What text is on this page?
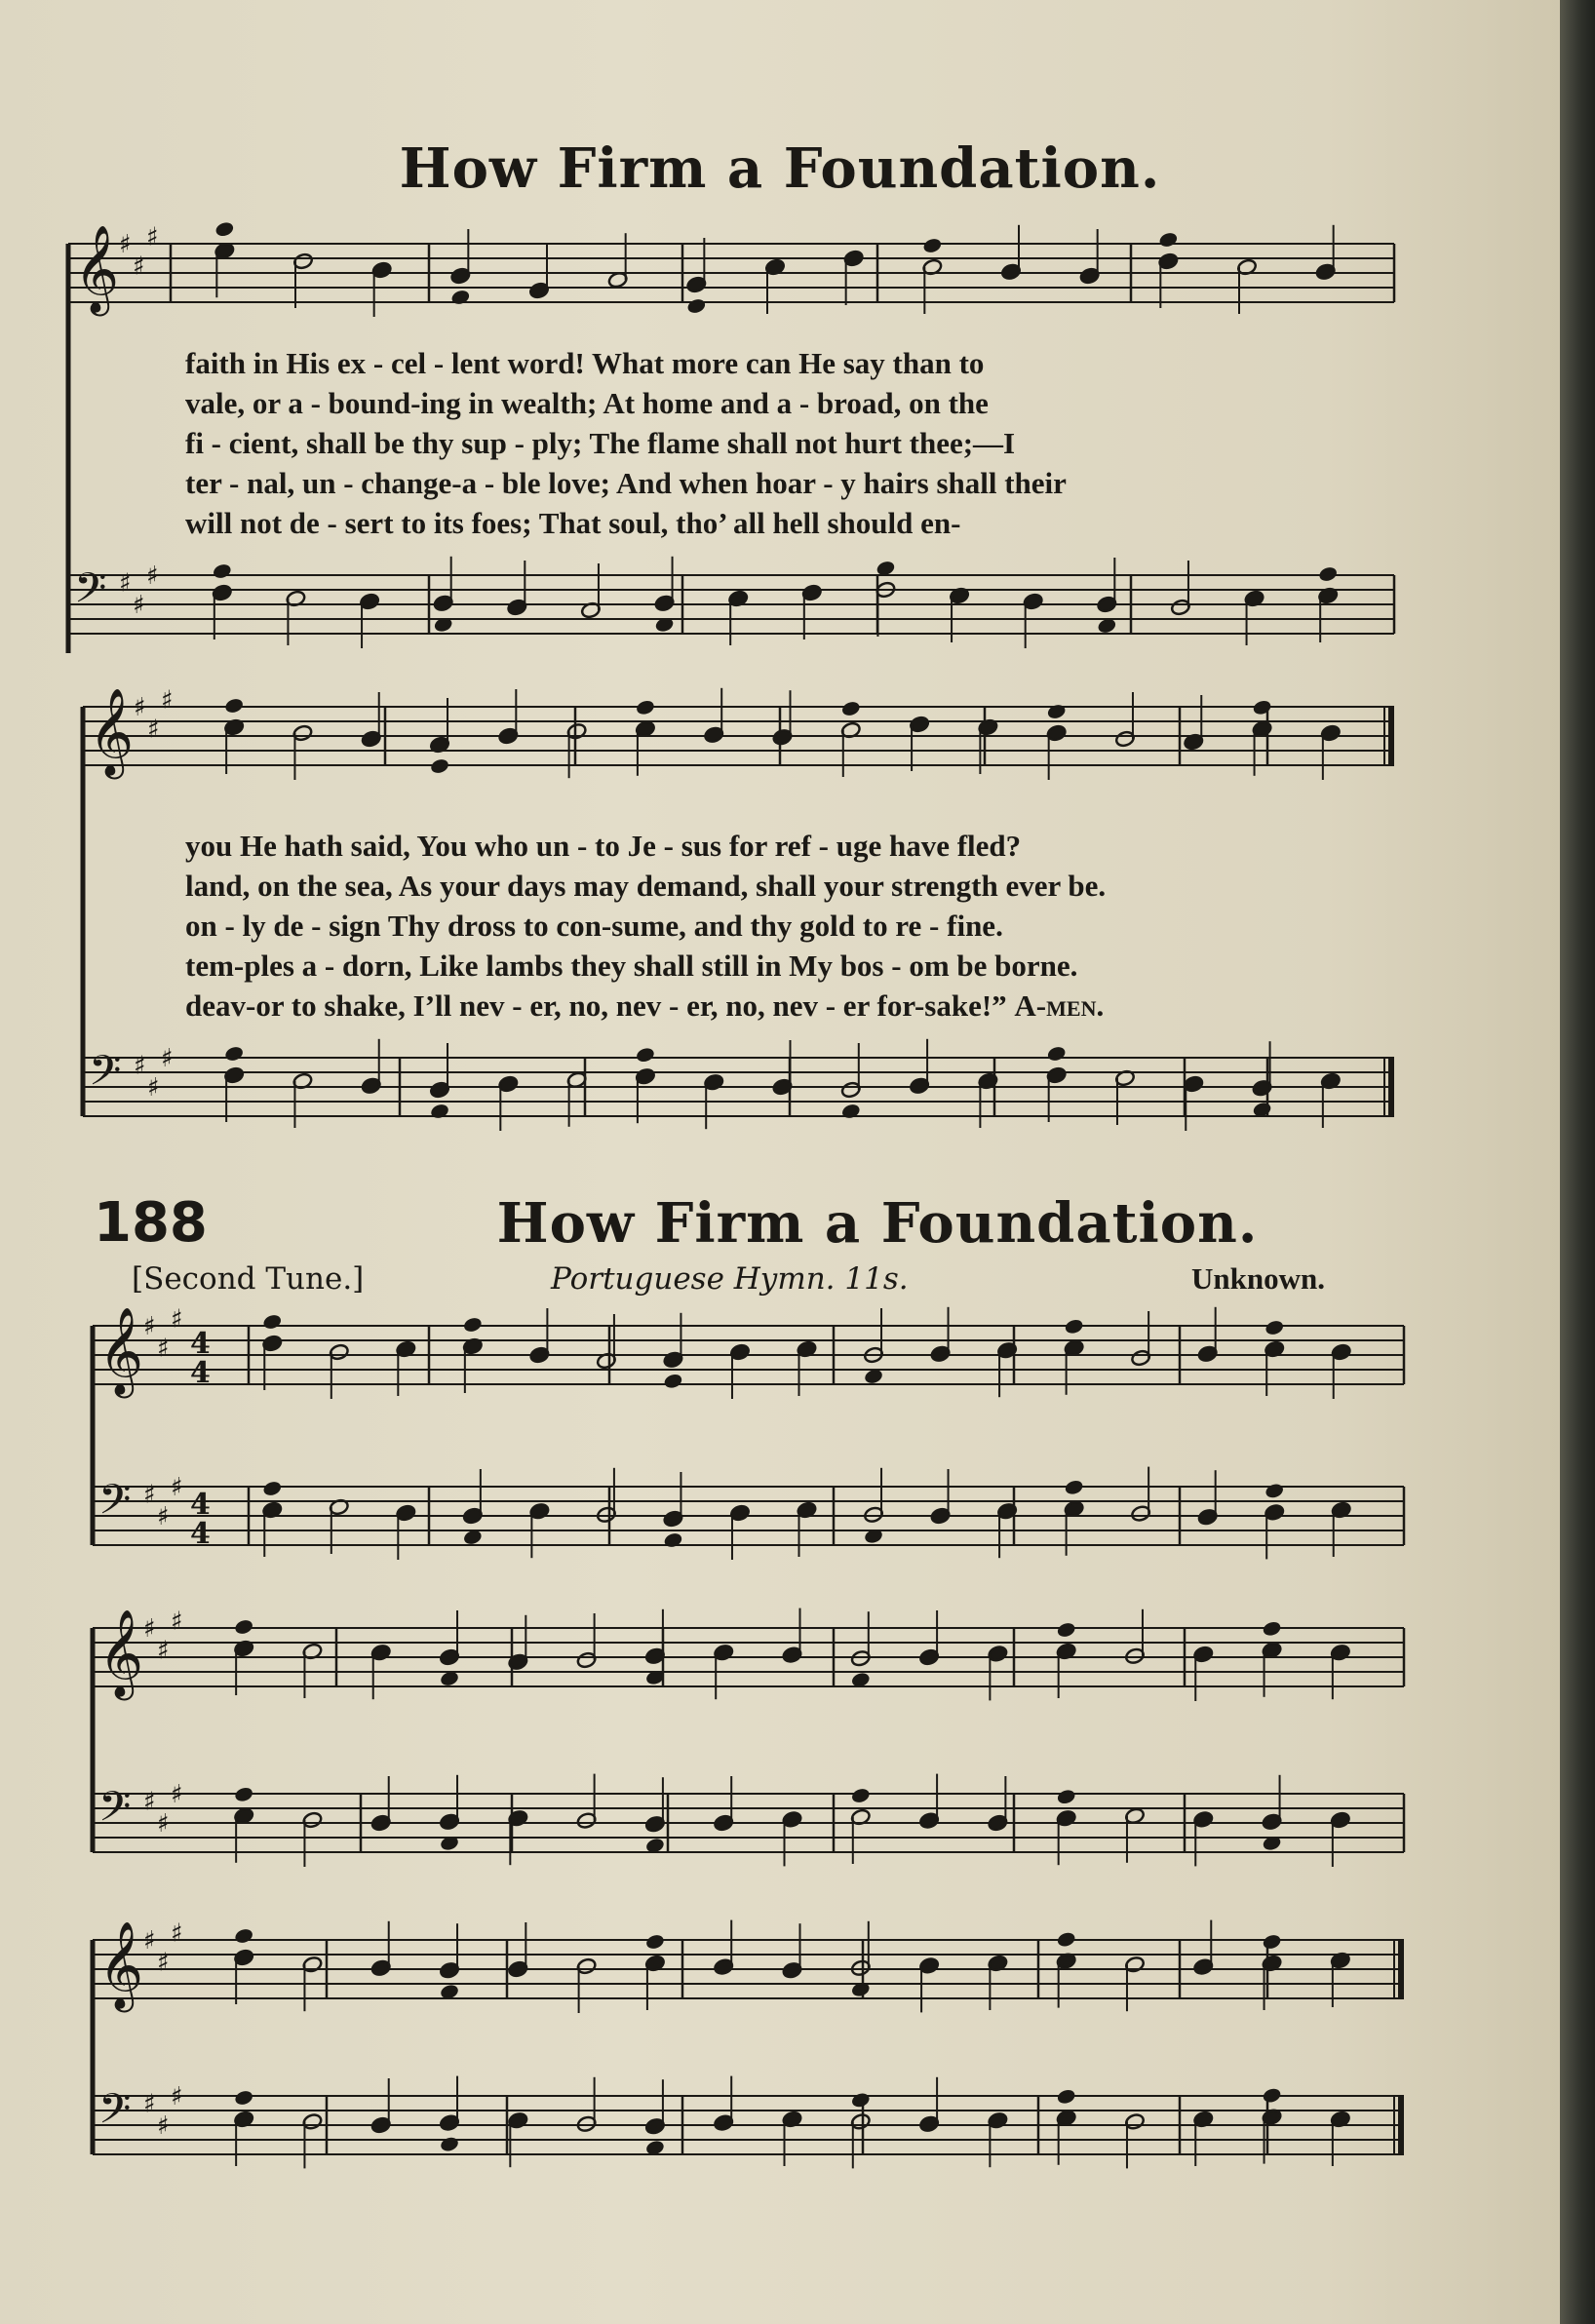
How Firm a Foundation.
𝄞 ♯
♯
♯
𝄢 ♯
♯
♯
faith in His ex - cel - lent word! What more can He say than to
vale, or a - bound-ing in wealth; At home and a - broad, on the
fi - cient, shall be thy sup - ply; The flame shall not hurt thee;—I
ter - nal, un - change-a - ble love; And when hoar - y hairs shall their
will not de - sert to its foes; That soul, tho’ all hell should en-
𝄞 ♯
♯
♯
𝄢 ♯
♯
♯
you He hath said, You who un - to Je - sus for ref - uge have fled?
land, on the sea, As your days may demand, shall your strength ever be.
on - ly de - sign Thy dross to con-sume, and thy gold to re - fine.
tem-ples a - dorn, Like lambs they shall still in My bos - om be borne.
deav-or to shake, I’ll nev - er, no, nev - er, no, nev - er for-sake!” A-men.
188	How Firm a Foundation.
[Second Tune.]	Portuguese Hymn. 11s.	Unknown.
𝄞 ♯
♯
♯
4
4
𝄢 ♯
♯
♯ 4
4
𝄞 ♯
♯
♯
𝄢 ♯
♯
♯
𝄞 ♯
♯
♯
𝄢 ♯
♯
♯
